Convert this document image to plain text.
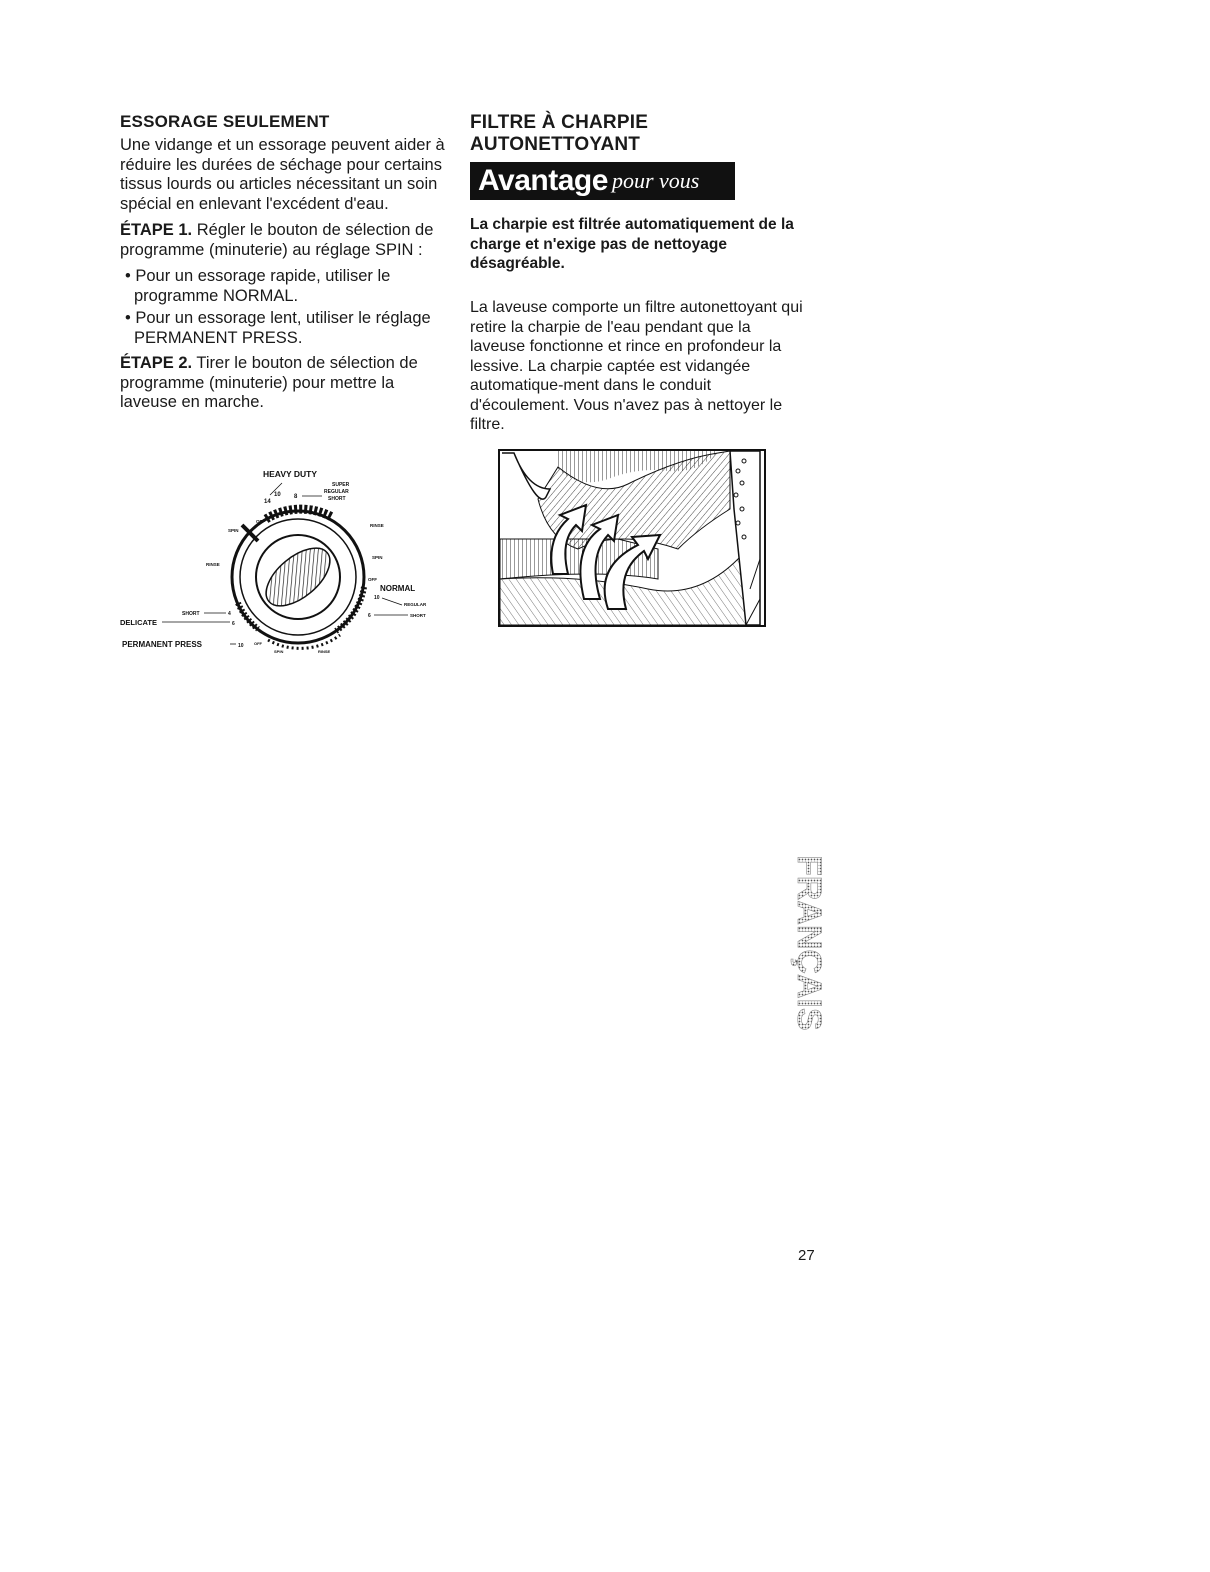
ESSORAGE SEULEMENT

Une vidange et un essorage peuvent aider à réduire les durées de séchage pour certains tissus lourds ou articles nécessitant un soin spécial en enlevant l'excédent d'eau.

ÉTAPE 1. Régler le bouton de sélection de programme (minuterie) au réglage SPIN :

• Pour un essorage rapide, utiliser le programme NORMAL.
• Pour un essorage lent, utiliser le réglage PERMANENT PRESS.

ÉTAPE 2. Tirer le bouton de sélection de programme (minuterie) pour mettre la laveuse en marche.

HEAVY DUTY
SUPER
REGULAR
SHORT
14
10 8
OFF
RINSE
SPIN
OFF
NORMAL
10
REGULAR
6	SHORT
SPIN
RINSE
SHORT	4
DELICATE	6
PERMANENT PRESS	10	OFF
SPIN	RINSE
FILTRE À CHARPIE
AUTONETTOYANT
Avantage pour vous
La charpie est filtrée automatiquement de la charge et n'exige pas de nettoyage désagréable.

La laveuse comporte un filtre autonettoyant qui retire la charpie de l'eau pendant que la laveuse fonctionne et rince en profondeur la lessive. La charpie captée est vidangée automatique-ment dans le conduit d'écoulement. Vous n'avez pas à nettoyer le filtre.

FRANÇAIS
27
